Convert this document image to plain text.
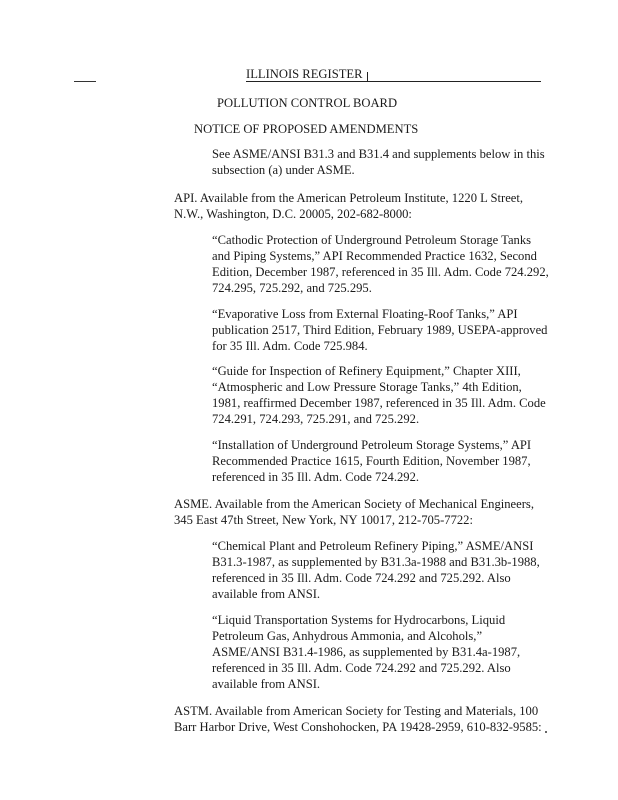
ILLINOIS REGISTER
POLLUTION CONTROL BOARD
NOTICE OF PROPOSED AMENDMENTS
See ASME/ANSI B31.3 and B31.4 and supplements below in this
subsection (a) under ASME.
API. Available from the American Petroleum Institute, 1220 L Street,
N.W., Washington, D.C. 20005, 202-682-8000:
“Cathodic Protection of Underground Petroleum Storage Tanks
and Piping Systems,” API Recommended Practice 1632, Second
Edition, December 1987, referenced in 35 Ill. Adm. Code 724.292,
724.295, 725.292, and 725.295.
“Evaporative Loss from External Floating-Roof Tanks,” API
publication 2517, Third Edition, February 1989, USEPA-approved
for 35 Ill. Adm. Code 725.984.
“Guide for Inspection of Refinery Equipment,” Chapter XIII,
“Atmospheric and Low Pressure Storage Tanks,” 4th Edition,
1981, reaffirmed December 1987, referenced in 35 Ill. Adm. Code
724.291, 724.293, 725.291, and 725.292.
“Installation of Underground Petroleum Storage Systems,” API
Recommended Practice 1615, Fourth Edition, November 1987,
referenced in 35 Ill. Adm. Code 724.292.
ASME. Available from the American Society of Mechanical Engineers,
345 East 47th Street, New York, NY 10017, 212-705-7722:
“Chemical Plant and Petroleum Refinery Piping,” ASME/ANSI
B31.3-1987, as supplemented by B31.3a-1988 and B31.3b-1988,
referenced in 35 Ill. Adm. Code 724.292 and 725.292. Also
available from ANSI.
“Liquid Transportation Systems for Hydrocarbons, Liquid
Petroleum Gas, Anhydrous Ammonia, and Alcohols,”
ASME/ANSI B31.4-1986, as supplemented by B31.4a-1987,
referenced in 35 Ill. Adm. Code 724.292 and 725.292. Also
available from ANSI.
ASTM. Available from American Society for Testing and Materials, 100
Barr Harbor Drive, West Conshohocken, PA 19428-2959, 610-832-9585:
